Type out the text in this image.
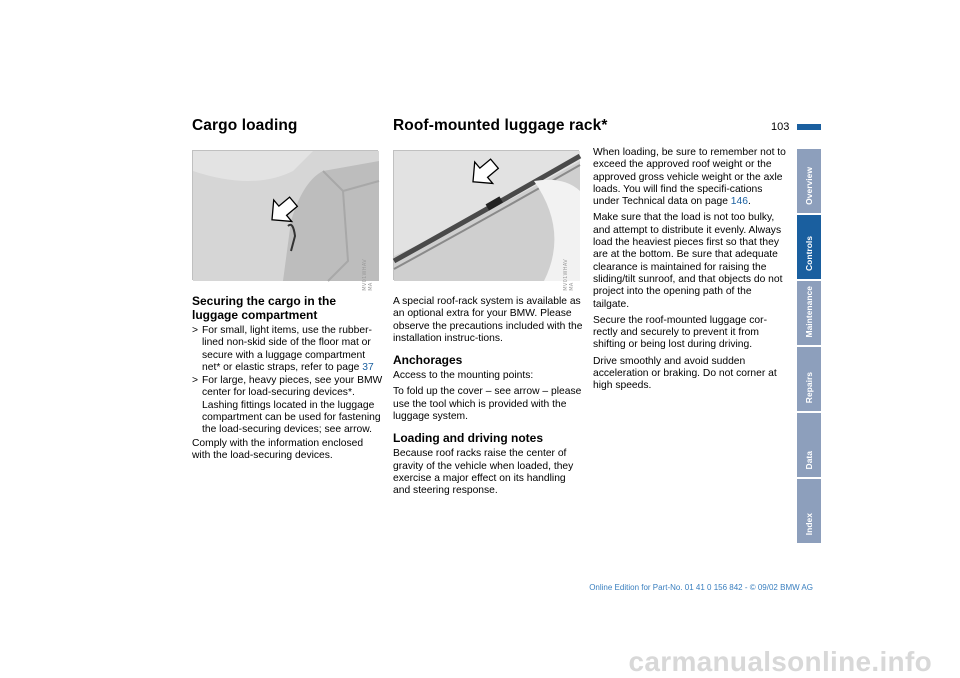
Cargo loading	Roof-mounted luggage rack*	103
MV01WHAV MA	MV01WHAV MA
Securing the cargo in the luggage compartment
> For small, light items, use the rubber-lined non-skid side of the floor mat or secure with a luggage compartment net* or elastic straps, refer to page 37
> For large, heavy pieces, see your BMW center for load-securing devices*. Lashing fittings located in the luggage compartment can be used for fastening the load-securing devices; see arrow.

Comply with the information enclosed with the load-securing devices.

A special roof-rack system is available as an optional extra for your BMW. Please observe the precautions included with the installation instruc-tions.

Anchorages

Access to the mounting points:

To fold up the cover – see arrow – please use the tool which is provided with the luggage system.

Loading and driving notes

Because roof racks raise the center of gravity of the vehicle when loaded, they exercise a major effect on its handling and steering response.

When loading, be sure to remember not to exceed the approved roof weight or the approved gross vehicle weight or the axle loads. You will find the specifi-cations under Technical data on page 146.

Make sure that the load is not too bulky, and attempt to distribute it evenly. Always load the heaviest pieces first so that they are at the bottom. Be sure that adequate clearance is maintained for raising the sliding/tilt sunroof, and that objects do not project into the opening path of the tailgate.

Secure the roof-mounted luggage cor-rectly and securely to prevent it from shifting or being lost during driving.

Drive smoothly and avoid sudden acceleration or braking. Do not corner at high speeds.

Overview
Controls
Maintenance
Repairs
Data
Index
Online Edition for Part-No. 01 41 0 156 842 - © 09/02 BMW AG
carmanualsonline.info
